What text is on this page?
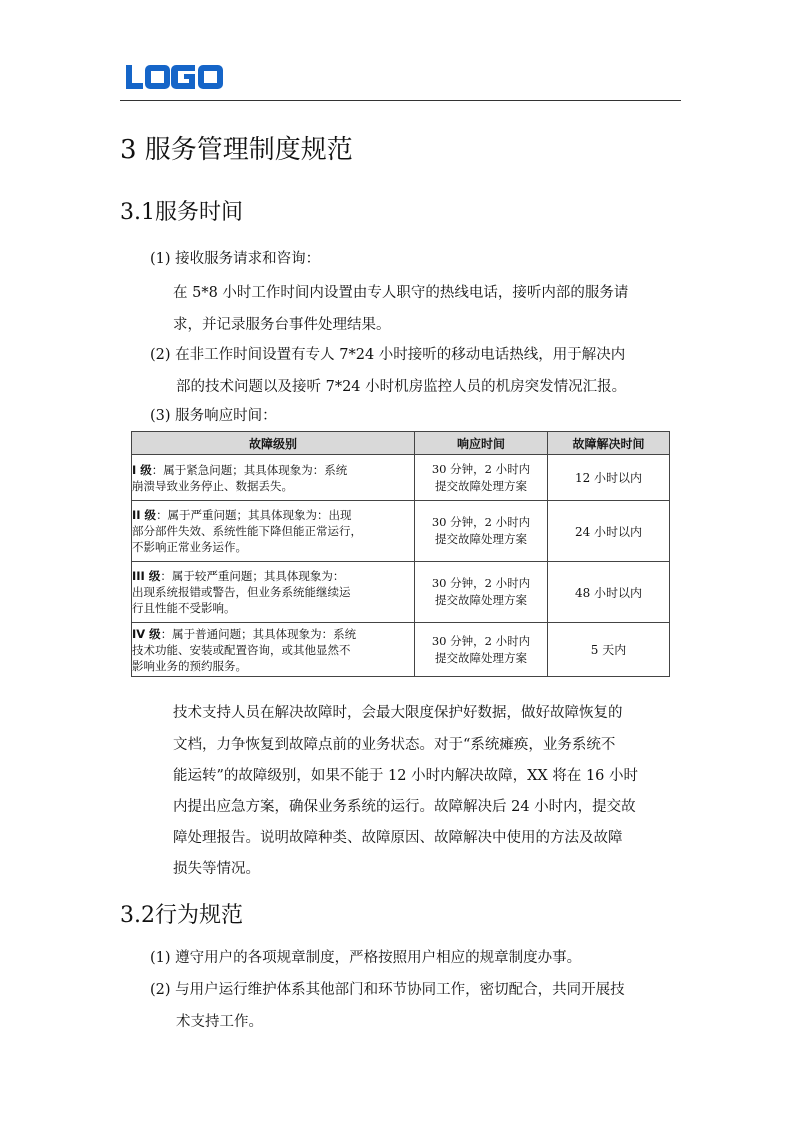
3 服务管理制度规范
3.1服务时间

(1) 接收服务请求和咨询：

在 5*8 小时工作时间内设置由专人职守的热线电话，接听内部的服务请

求，并记录服务台事件处理结果。

(2) 在非工作时间设置有专人 7*24 小时接听的移动电话热线，用于解决内

部的技术问题以及接听 7*24 小时机房监控人员的机房突发情况汇报。

(3) 服务响应时间：

故障级别	响应时间	故障解决时间
I 级：属于紧急问题；其具体现象为：系统
崩溃导致业务停止、数据丢失。	30 分钟，2 小时内
提交故障处理方案	12 小时以内
II 级：属于严重问题；其具体现象为：出现
部分部件失效、系统性能下降但能正常运行，
不影响正常业务运作。	30 分钟，2 小时内
提交故障处理方案	24 小时以内
III 级：属于较严重问题；其具体现象为：
出现系统报错或警告，但业务系统能继续运
行且性能不受影响。	30 分钟，2 小时内
提交故障处理方案	48 小时以内
IV 级：属于普通问题；其具体现象为：系统
技术功能、安装或配置咨询，或其他显然不
影响业务的预约服务。	30 分钟，2 小时内
提交故障处理方案	5 天内

技术支持人员在解决故障时，会最大限度保护好数据，做好故障恢复的

文档，力争恢复到故障点前的业务状态。对于“系统瘫痪，业务系统不

能运转”的故障级别，如果不能于 12 小时内解决故障，XX 将在 16 小时

内提出应急方案，确保业务系统的运行。故障解决后 24 小时内，提交故

障处理报告。说明故障种类、故障原因、故障解决中使用的方法及故障

损失等情况。

3.2行为规范

(1) 遵守用户的各项规章制度，严格按照用户相应的规章制度办事。

(2) 与用户运行维护体系其他部门和环节协同工作，密切配合，共同开展技

术支持工作。
